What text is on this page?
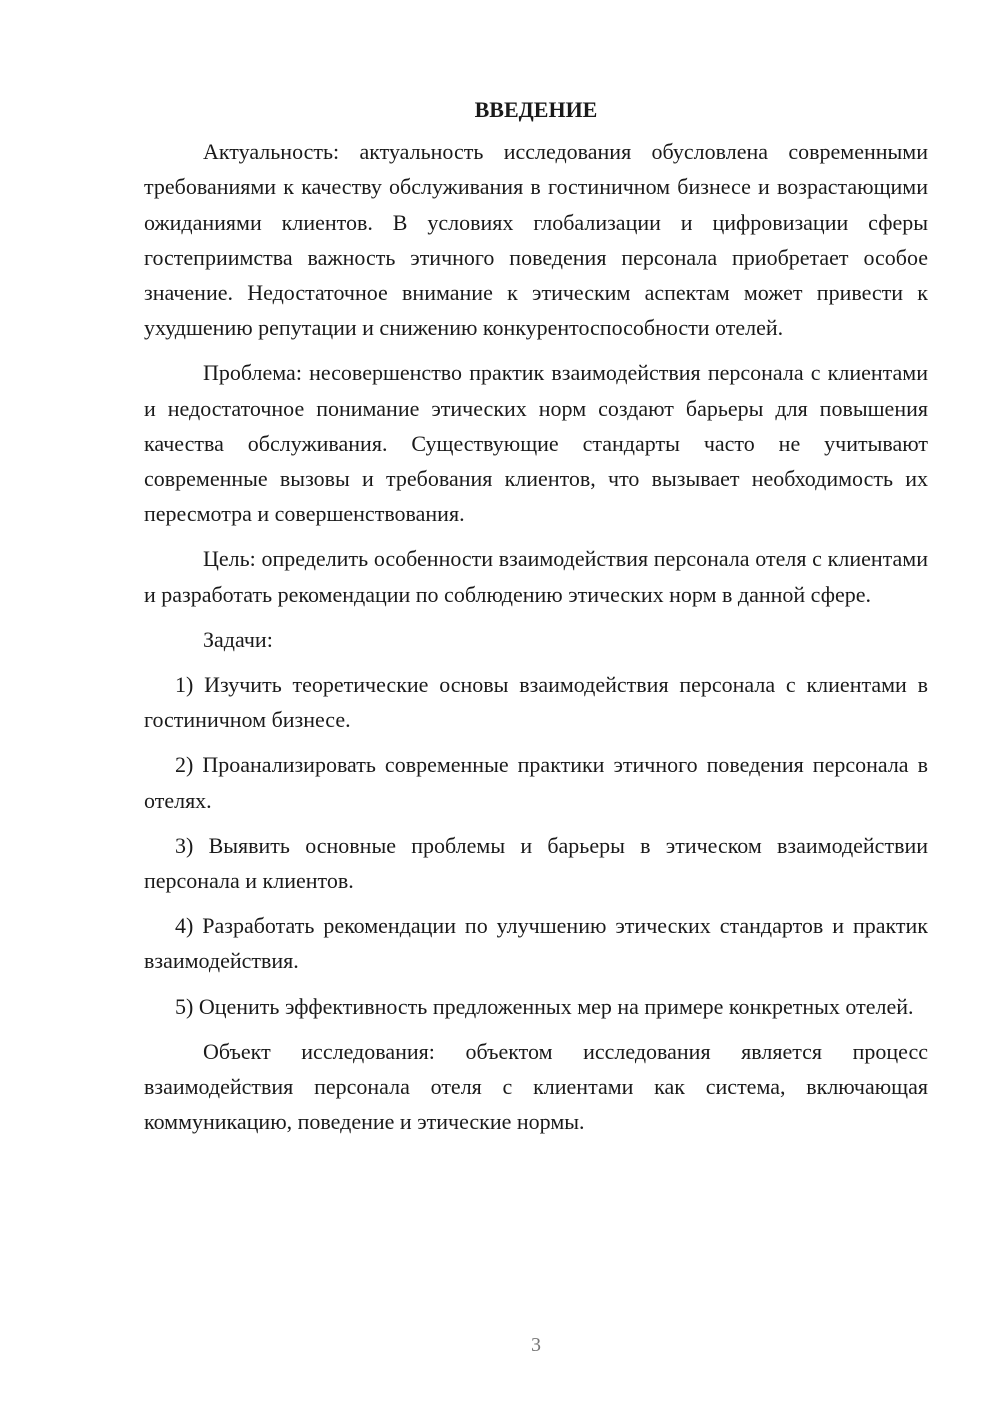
ВВЕДЕНИЕ

Актуальность: актуальность исследования обусловлена современными требованиями к качеству обслуживания в гостиничном бизнесе и возрастающими ожиданиями клиентов. В условиях глобализации и цифровизации сферы гостеприимства важность этичного поведения персонала приобретает особое значение. Недостаточное внимание к этическим аспектам может привести к ухудшению репутации и снижению конкурентоспособности отелей.

Проблема: несовершенство практик взаимодействия персонала с клиентами и недостаточное понимание этических норм создают барьеры для повышения качества обслуживания. Существующие стандарты часто не учитывают современные вызовы и требования клиентов, что вызывает необходимость их пересмотра и совершенствования.

Цель: определить особенности взаимодействия персонала отеля с клиентами и разработать рекомендации по соблюдению этических норм в данной сфере.

Задачи:

1) Изучить теоретические основы взаимодействия персонала с клиентами в гостиничном бизнесе.

2) Проанализировать современные практики этичного поведения персонала в отелях.

3) Выявить основные проблемы и барьеры в этическом взаимодействии персонала и клиентов.

4) Разработать рекомендации по улучшению этических стандартов и практик взаимодействия.

5) Оценить эффективность предложенных мер на примере конкретных отелей.

Объект исследования: объектом исследования является процесс взаимодействия персонала отеля с клиентами как система, включающая коммуникацию, поведение и этические нормы.

3
